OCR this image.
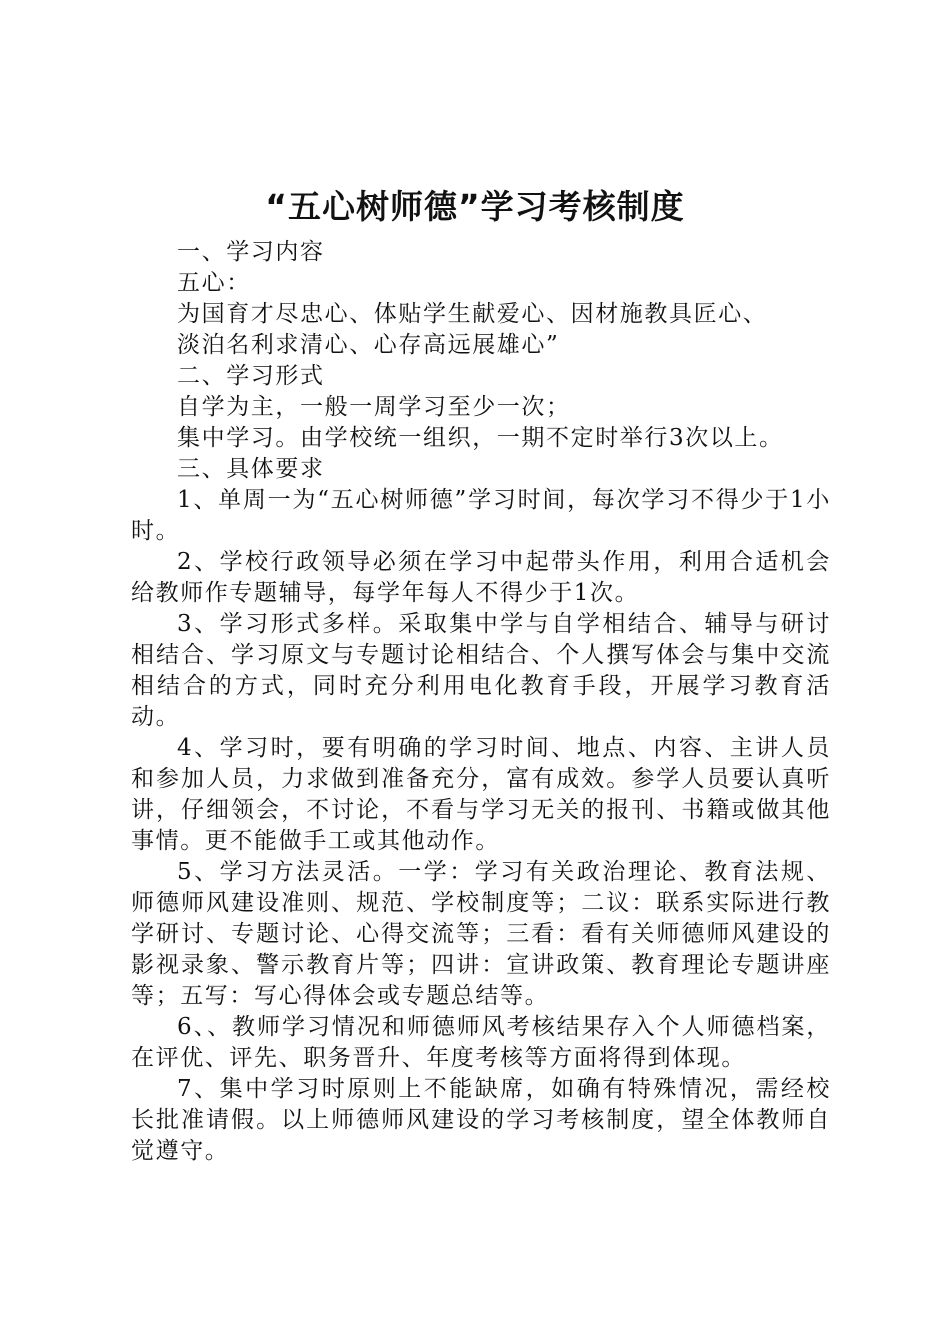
“五心树师德”学习考核制度

一、学习内容

五心：

为国育才尽忠心、体贴学生献爱心、因材施教具匠心、

淡泊名利求清心、心存高远展雄心”

二、学习形式

自学为主，一般一周学习至少一次；

集中学习。由学校统一组织，一期不定时举行3次以上。

三、具体要求

1、单周一为“五心树师德”学习时间，每次学习不得少于1小时。

2、学校行政领导必须在学习中起带头作用，利用合适机会给教师作专题辅导，每学年每人不得少于1次。

3、学习形式多样。采取集中学与自学相结合、辅导与研讨相结合、学习原文与专题讨论相结合、个人撰写体会与集中交流相结合的方式，同时充分利用电化教育手段，开展学习教育活动。

4、学习时，要有明确的学习时间、地点、内容、主讲人员和参加人员，力求做到准备充分，富有成效。参学人员要认真听讲，仔细领会，不讨论，不看与学习无关的报刊、书籍或做其他事情。更不能做手工或其他动作。

5、学习方法灵活。一学：学习有关政治理论、教育法规、师德师风建设准则、规范、学校制度等；二议：联系实际进行教学研讨、专题讨论、心得交流等；三看：看有关师德师风建设的影视录象、警示教育片等；四讲：宣讲政策、教育理论专题讲座等；五写：写心得体会或专题总结等。

6、、教师学习情况和师德师风考核结果存入个人师德档案，在评优、评先、职务晋升、年度考核等方面将得到体现。

7、集中学习时原则上不能缺席，如确有特殊情况，需经校长批准请假。以上师德师风建设的学习考核制度，望全体教师自觉遵守。
